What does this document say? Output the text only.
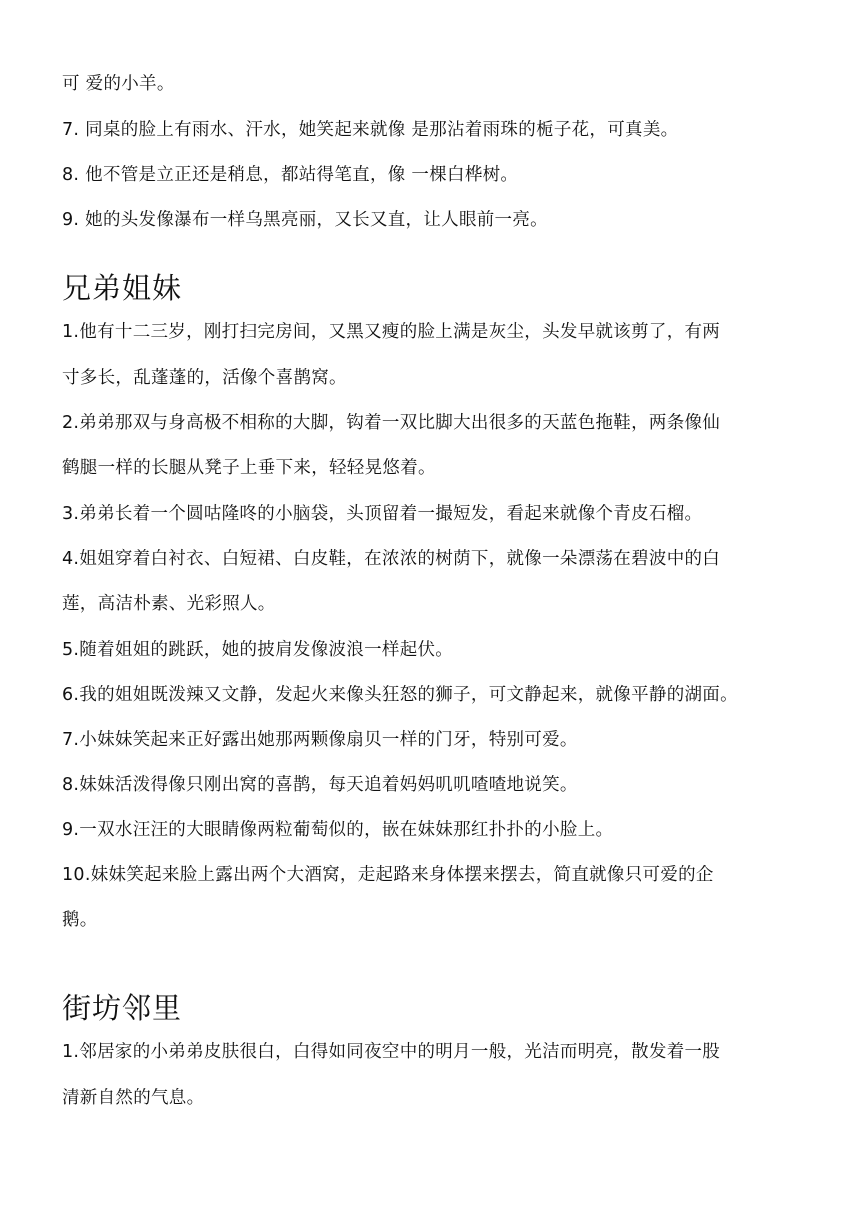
可 爱的小羊。
7. 同桌的脸上有雨水、汗水，她笑起来就像 是那沾着雨珠的栀子花，可真美。
8. 他不管是立正还是稍息，都站得笔直，像 一棵白桦树。
9. 她的头发像瀑布一样乌黑亮丽，又长又直，让人眼前一亮。
兄弟姐妹
1.他有十二三岁，刚打扫完房间，又黑又瘦的脸上满是灰尘，头发早就该剪了，有两
寸多长，乱蓬蓬的，活像个喜鹊窝。
2.弟弟那双与身高极不相称的大脚，钩着一双比脚大出很多的天蓝色拖鞋，两条像仙
鹤腿一样的长腿从凳子上垂下来，轻轻晃悠着。
3.弟弟长着一个圆咕隆咚的小脑袋，头顶留着一撮短发，看起来就像个青皮石榴。
4.姐姐穿着白衬衣、白短裙、白皮鞋，在浓浓的树荫下，就像一朵漂荡在碧波中的白
莲，高洁朴素、光彩照人。
5.随着姐姐的跳跃，她的披肩发像波浪一样起伏。
6.我的姐姐既泼辣又文静，发起火来像头狂怒的狮子，可文静起来，就像平静的湖面。
7.小妹妹笑起来正好露出她那两颗像扇贝一样的门牙，特别可爱。
8.妹妹活泼得像只刚出窝的喜鹊，每天追着妈妈叽叽喳喳地说笑。
9.一双水汪汪的大眼睛像两粒葡萄似的，嵌在妹妹那红扑扑的小脸上。
10.妹妹笑起来脸上露出两个大酒窝，走起路来身体摆来摆去，简直就像只可爱的企
鹅。
街坊邻里
1.邻居家的小弟弟皮肤很白，白得如同夜空中的明月一般，光洁而明亮，散发着一股
清新自然的气息。
